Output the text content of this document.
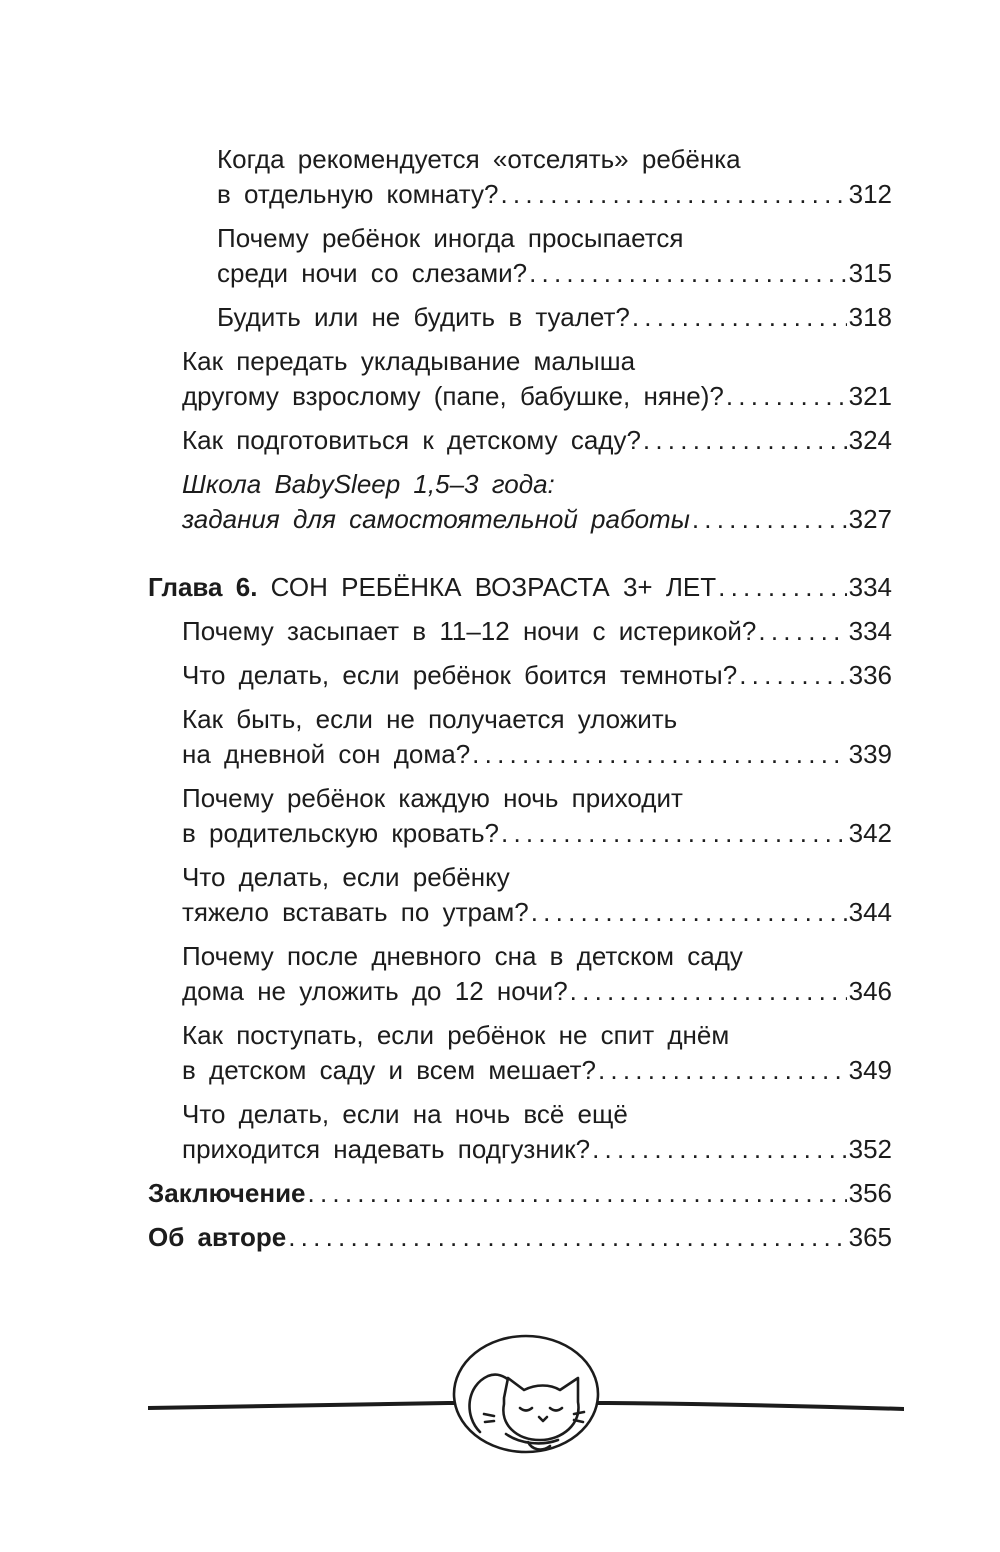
Когда рекомендуется «отселять» ребёнка
в отдельную комнату? . . .	312
Почему ребёнок иногда просыпается
среди ночи со слезами? . . .	315
Будить или не будить в туалет? . . .	318
Как передать укладывание малыша
другому взрослому (папе, бабушке, няне)? . . .	321
Как подготовиться к детскому саду? . . .	324
Школа BabySleep 1,5–3 года:
задания для самостоятельной работы . . .	327
Глава 6. СОН РЕБЁНКА ВОЗРАСТА 3+ ЛЕТ . . .	334
Почему засыпает в 11–12 ночи с истерикой? . . .	334
Что делать, если ребёнок боится темноты? . . .	336
Как быть, если не получается уложить
на дневной сон дома? . . .	339
Почему ребёнок каждую ночь приходит
в родительскую кровать? . . .	342
Что делать, если ребёнку
тяжело вставать по утрам? . . .	344
Почему после дневного сна в детском саду
дома не уложить до 12 ночи? . . .	346
Как поступать, если ребёнок не спит днём
в детском саду и всем мешает? . . .	349
Что делать, если на ночь всё ещё
приходится надевать подгузник? . . .	352
Заключение . . .	356
Об авторе . . .	365
